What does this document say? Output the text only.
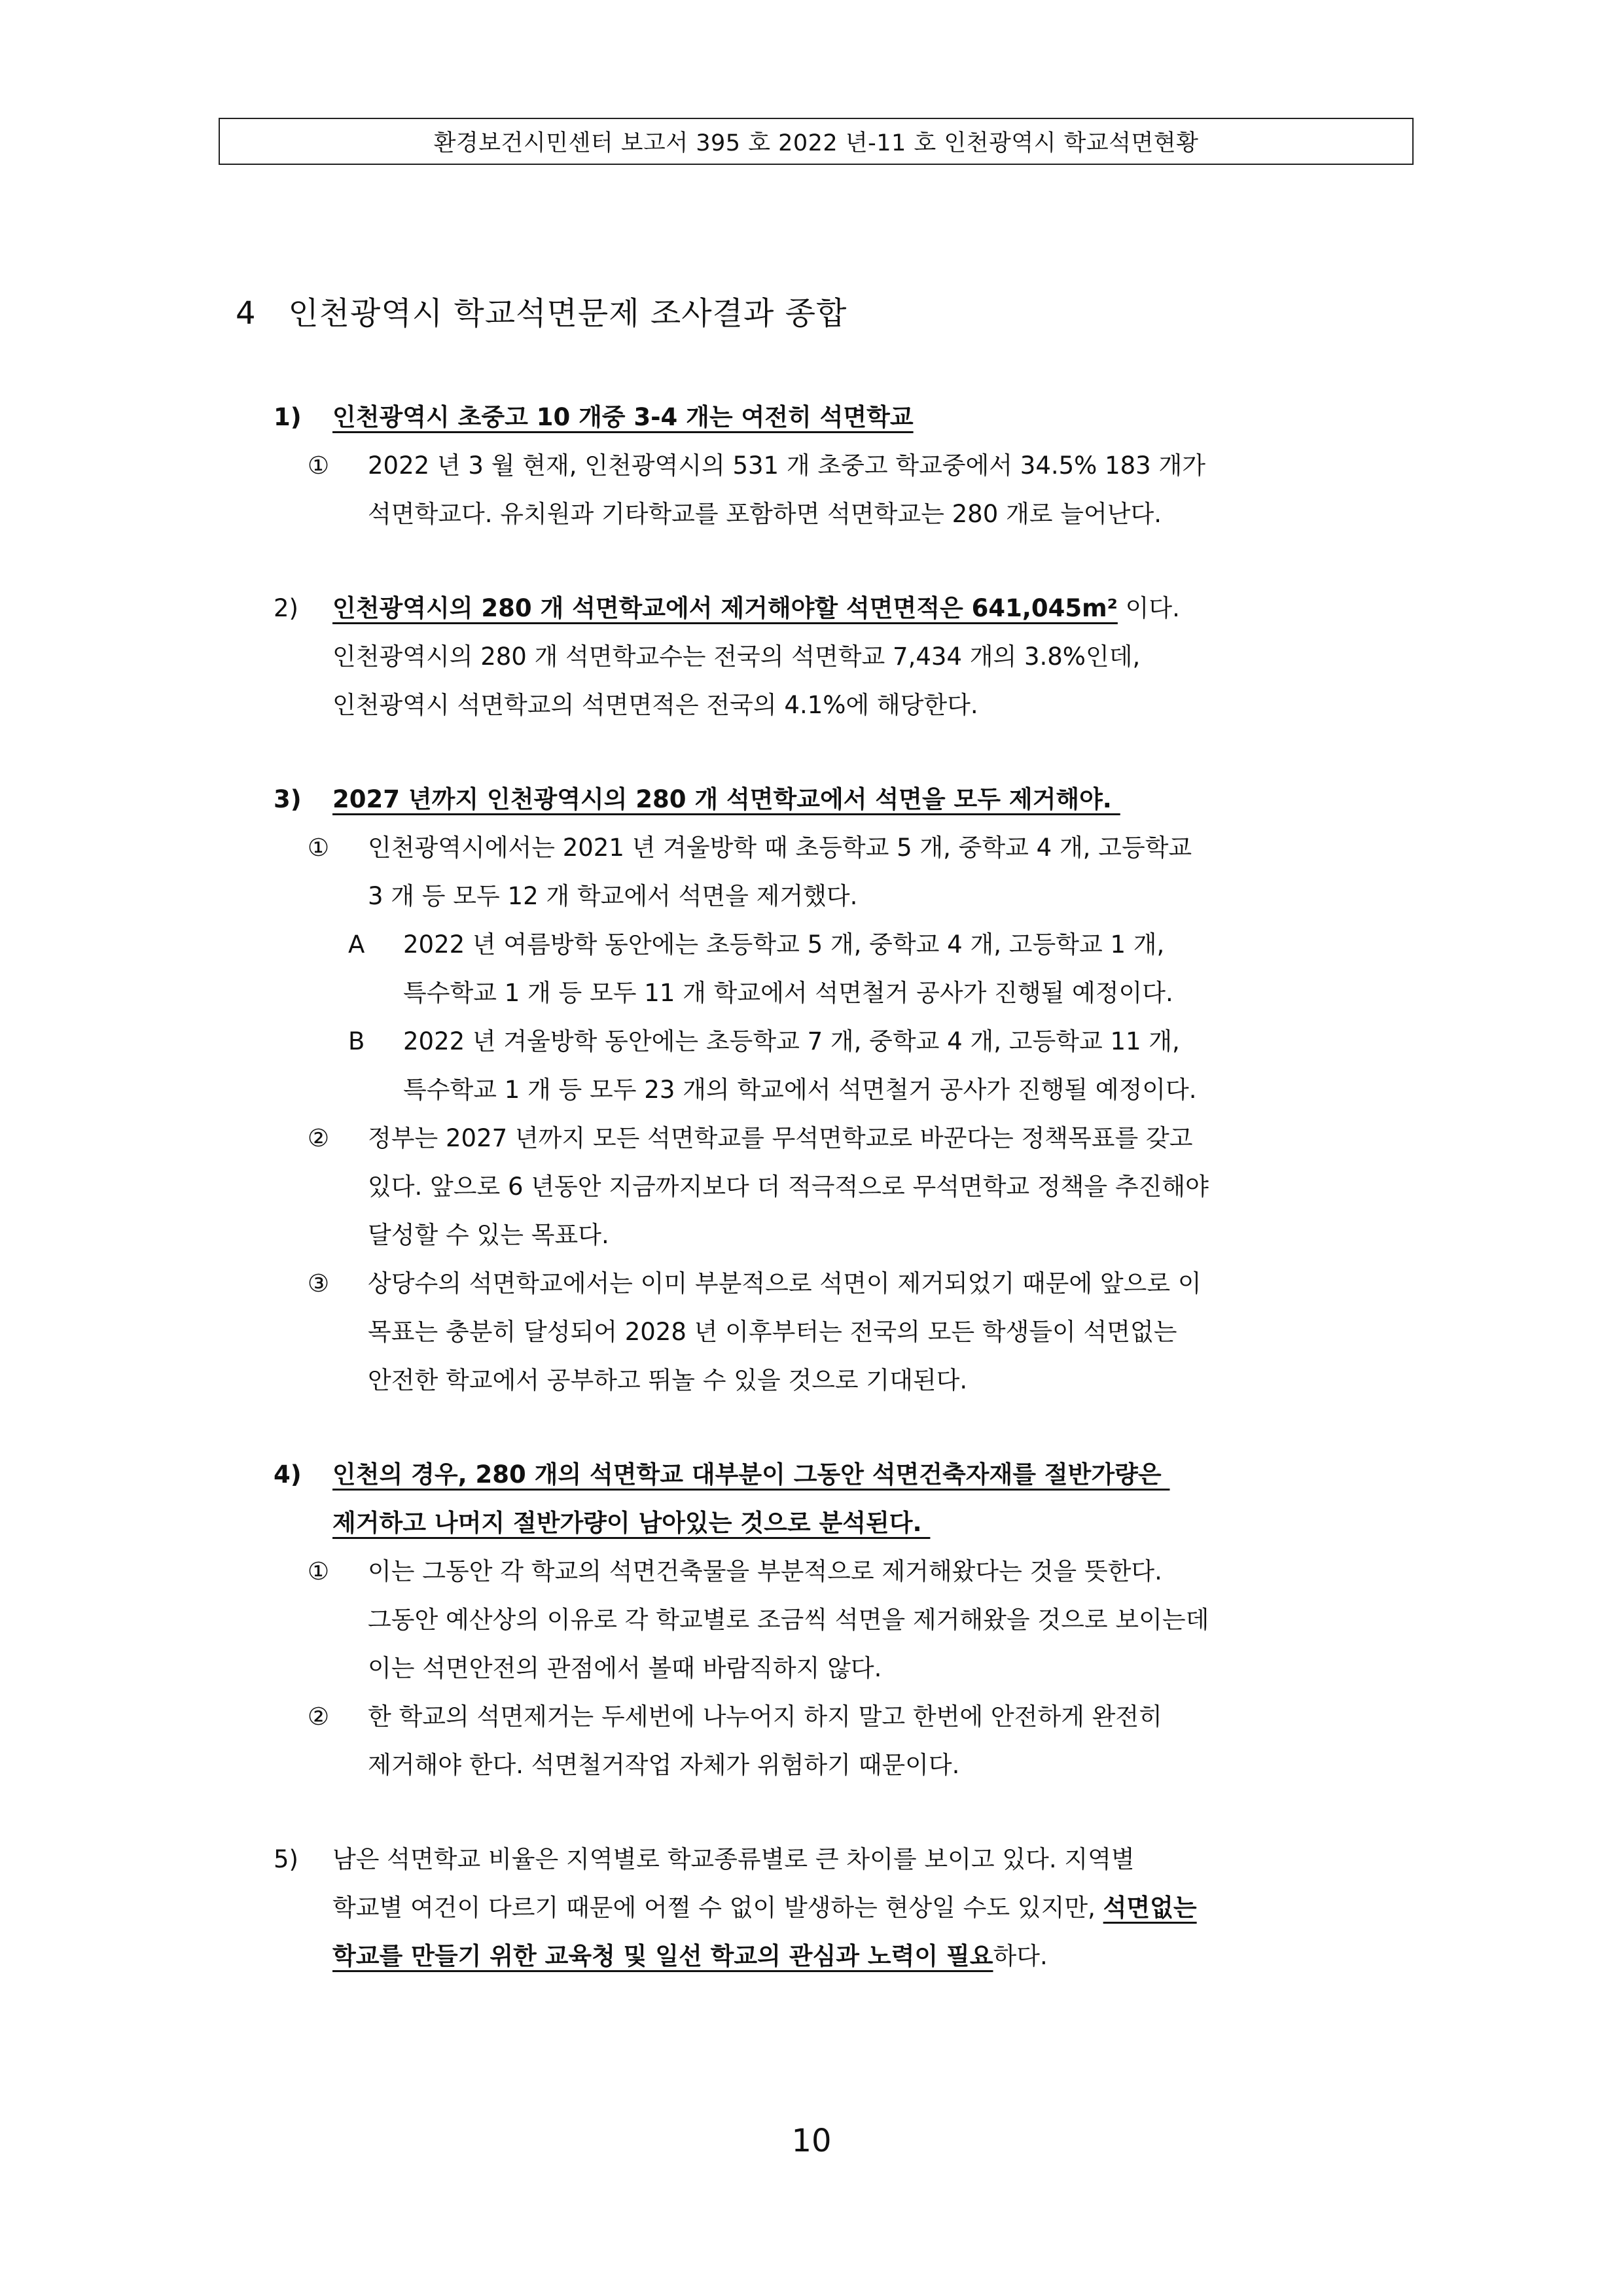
환경보건시민센터 보고서 395 호 2022 년-11 호 인천광역시 학교석면현황
4   인천광역시 학교석면문제 조사결과 종합
1) 인천광역시 초중고 10 개중 3-4 개는 여전히 석면학교
① 2022 년 3 월 현재, 인천광역시의 531 개 초중고 학교중에서 34.5% 183 개가
석면학교다. 유치원과 기타학교를 포함하면 석면학교는 280 개로 늘어난다.
2) 인천광역시의 280 개 석면학교에서 제거해야할 석면면적은 641,045m² 이다.
인천광역시의 280 개 석면학교수는 전국의 석면학교 7,434 개의 3.8%인데,
인천광역시 석면학교의 석면면적은 전국의 4.1%에 해당한다.
3) 2027 년까지 인천광역시의 280 개 석면학교에서 석면을 모두 제거해야.
① 인천광역시에서는 2021 년 겨울방학 때 초등학교 5 개, 중학교 4 개, 고등학교
3 개 등 모두 12 개 학교에서 석면을 제거했다.
A 2022 년 여름방학 동안에는 초등학교 5 개, 중학교 4 개, 고등학교 1 개,
특수학교 1 개 등 모두 11 개 학교에서 석면철거 공사가 진행될 예정이다.
B 2022 년 겨울방학 동안에는 초등학교 7 개, 중학교 4 개, 고등학교 11 개,
특수학교 1 개 등 모두 23 개의 학교에서 석면철거 공사가 진행될 예정이다.
② 정부는 2027 년까지 모든 석면학교를 무석면학교로 바꾼다는 정책목표를 갖고
있다. 앞으로 6 년동안 지금까지보다 더 적극적으로 무석면학교 정책을 추진해야
달성할 수 있는 목표다.
③ 상당수의 석면학교에서는 이미 부분적으로 석면이 제거되었기 때문에 앞으로 이
목표는 충분히 달성되어 2028 년 이후부터는 전국의 모든 학생들이 석면없는
안전한 학교에서 공부하고 뛰놀 수 있을 것으로 기대된다.
4) 인천의 경우, 280 개의 석면학교 대부분이 그동안 석면건축자재를 절반가량은
제거하고 나머지 절반가량이 남아있는 것으로 분석된다.
① 이는 그동안 각 학교의 석면건축물을 부분적으로 제거해왔다는 것을 뜻한다.
그동안 예산상의 이유로 각 학교별로 조금씩 석면을 제거해왔을 것으로 보이는데
이는 석면안전의 관점에서 볼때 바람직하지 않다.
② 한 학교의 석면제거는 두세번에 나누어지 하지 말고 한번에 안전하게 완전히
제거해야 한다. 석면철거작업 자체가 위험하기 때문이다.
5) 남은 석면학교 비율은 지역별로 학교종류별로 큰 차이를 보이고 있다. 지역별
학교별 여건이 다르기 때문에 어쩔 수 없이 발생하는 현상일 수도 있지만, 석면없는
학교를 만들기 위한 교육청 및 일선 학교의 관심과 노력이 필요하다.
10
